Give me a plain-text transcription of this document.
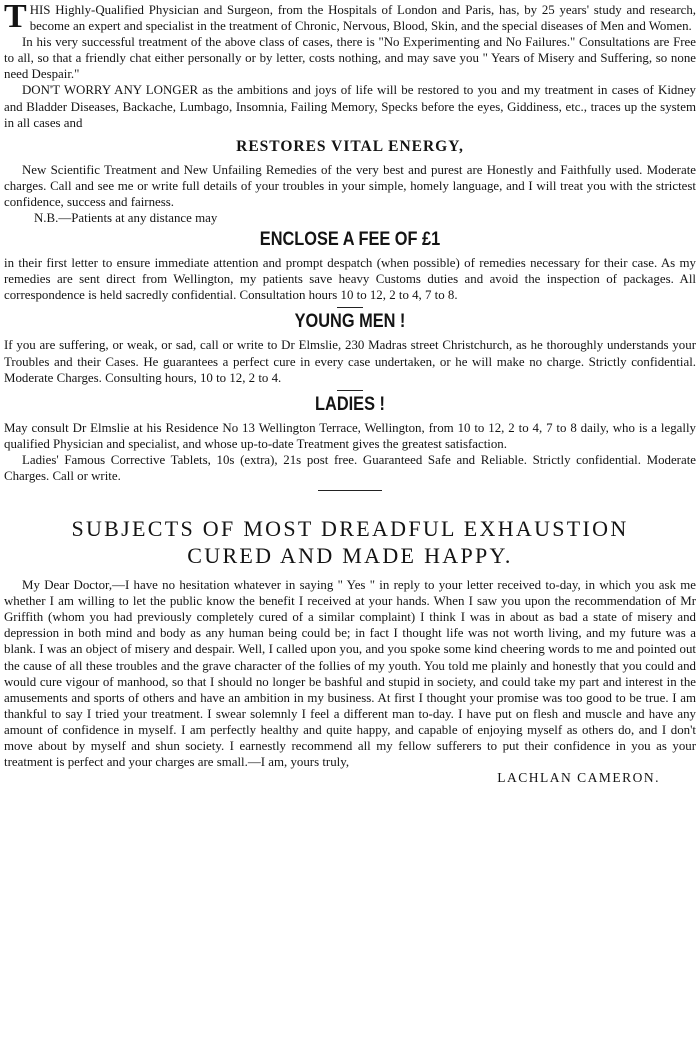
THIS Highly-Qualified Physician and Surgeon, from the Hospitals of London and Paris, has, by 25 years' study and research, become an expert and specialist in the treatment of Chronic, Nervous, Blood, Skin, and the special diseases of Men and Women.

In his very successful treatment of the above class of cases, there is "No Experimenting and No Failures." Consultations are Free to all, so that a friendly chat either personally or by letter, costs nothing, and may save you " Years of Misery and Suffering, so none need Despair."

DON'T WORRY ANY LONGER as the ambitions and joys of life will be restored to you and my treatment in cases of Kidney and Bladder Diseases, Backache, Lumbago, Insomnia, Failing Memory, Specks before the eyes, Giddiness, etc., traces up the system in all cases and

RESTORES VITAL ENERGY,

New Scientific Treatment and New Unfailing Remedies of the very best and purest are Honestly and Faithfully used. Moderate charges. Call and see me or write full details of your troubles in your simple, homely language, and I will treat you with the strictest confidence, success and fairness.

N.B.—Patients at any distance may

ENCLOSE A FEE OF £1

in their first letter to ensure immediate attention and prompt despatch (when possible) of remedies necessary for their case. As my remedies are sent direct from Wellington, my patients save heavy Customs duties and avoid the inspection of packages. All correspondence is held sacredly confidential. Consultation hours 10 to 12, 2 to 4, 7 to 8.

YOUNG MEN !

If you are suffering, or weak, or sad, call or write to Dr Elmslie, 230 Madras street Christchurch, as he thoroughly understands your Troubles and their Cases. He guarantees a perfect cure in every case undertaken, or he will make no charge. Strictly confidential. Moderate Charges. Consulting hours, 10 to 12, 2 to 4.

LADIES !

May consult Dr Elmslie at his Residence No 13 Wellington Terrace, Wellington, from 10 to 12, 2 to 4, 7 to 8 daily, who is a legally qualified Physician and specialist, and whose up-to-date Treatment gives the greatest satisfaction.

Ladies' Famous Corrective Tablets, 10s (extra), 21s post free. Guaranteed Safe and Reliable. Strictly confidential. Moderate Charges. Call or write.

SUBJECTS OF MOST DREADFUL EXHAUSTION
CURED AND MADE HAPPY.

My Dear Doctor,—I have no hesitation whatever in saying " Yes " in reply to your letter received to-day, in which you ask me whether I am willing to let the public know the benefit I received at your hands. When I saw you upon the recommendation of Mr Griffith (whom you had previously completely cured of a similar complaint) I think I was in about as bad a state of misery and depression in both mind and body as any human being could be; in fact I thought life was not worth living, and my future was a blank. I was an object of misery and despair. Well, I called upon you, and you spoke some kind cheering words to me and pointed out the cause of all these troubles and the grave character of the follies of my youth. You told me plainly and honestly that you could and would cure vigour of manhood, so that I should no longer be bashful and stupid in society, and could take my part and interest in the amusements and sports of others and have an ambition in my business. At first I thought your promise was too good to be true. I am thankful to say I tried your treatment. I swear solemnly I feel a different man to-day. I have put on flesh and muscle and have any amount of confidence in myself. I am perfectly healthy and quite happy, and capable of enjoying myself as others do, and I don't move about by myself and shun society. I earnestly recommend all my fellow sufferers to put their confidence in you as your treatment is perfect and your charges are small.—I am, yours truly,

LACHLAN CAMERON.
